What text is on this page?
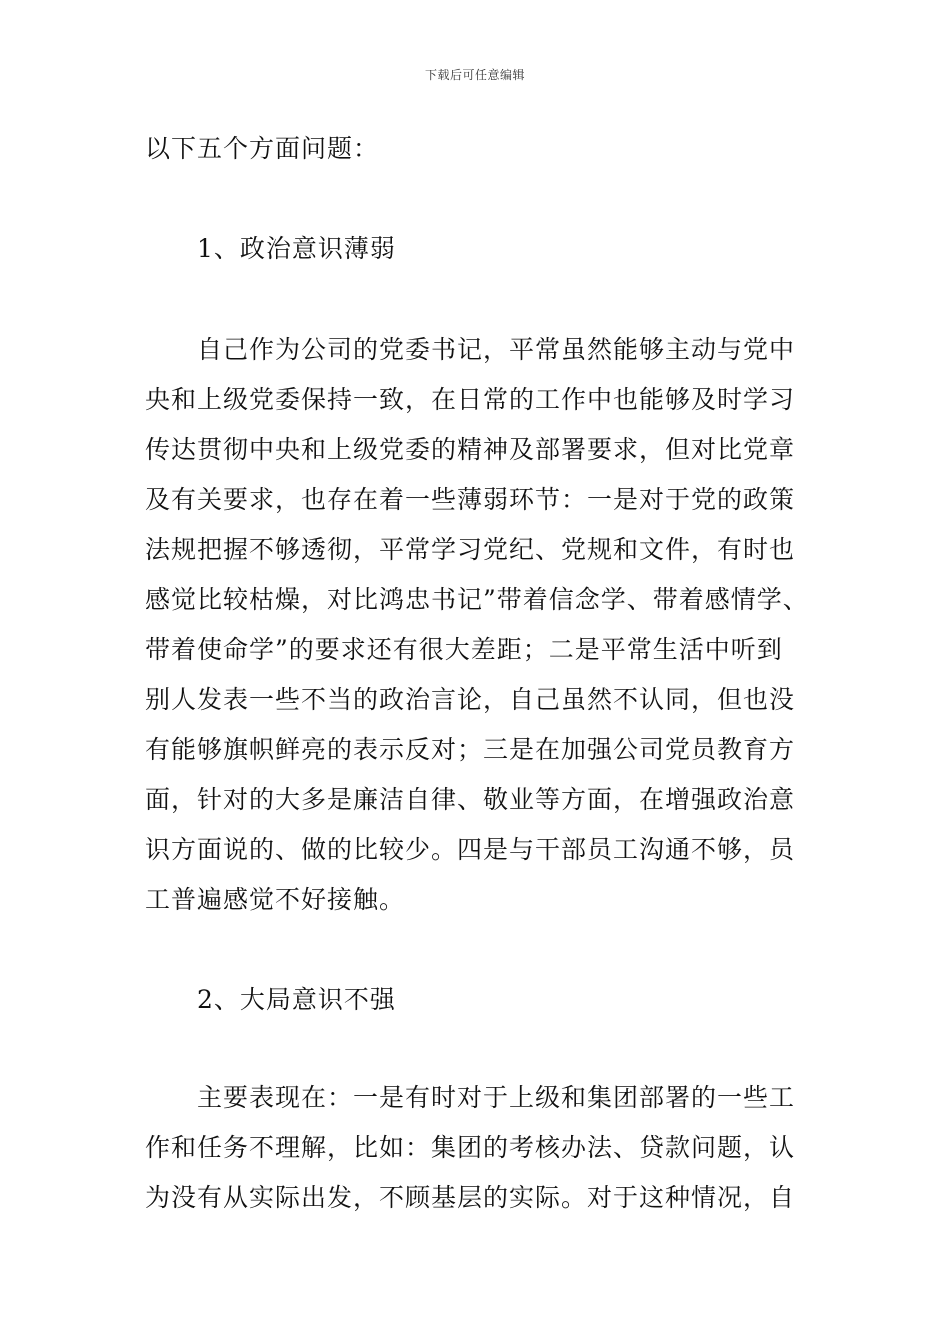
下载后可任意编辑
以下五个方面问题：
1、政治意识薄弱
自己作为公司的党委书记，平常虽然能够主动与党中
央和上级党委保持一致，在日常的工作中也能够及时学习
传达贯彻中央和上级党委的精神及部署要求，但对比党章
及有关要求，也存在着一些薄弱环节：一是对于党的政策
法规把握不够透彻，平常学习党纪、党规和文件，有时也
感觉比较枯燥，对比鸿忠书记”带着信念学、带着感情学、
带着使命学”的要求还有很大差距；二是平常生活中听到
别人发表一些不当的政治言论，自己虽然不认同，但也没
有能够旗帜鲜亮的表示反对；三是在加强公司党员教育方
面，针对的大多是廉洁自律、敬业等方面，在增强政治意
识方面说的、做的比较少。四是与干部员工沟通不够，员
工普遍感觉不好接触。
2、大局意识不强
主要表现在：一是有时对于上级和集团部署的一些工
作和任务不理解，比如：集团的考核办法、贷款问题，认
为没有从实际出发，不顾基层的实际。对于这种情况，自
